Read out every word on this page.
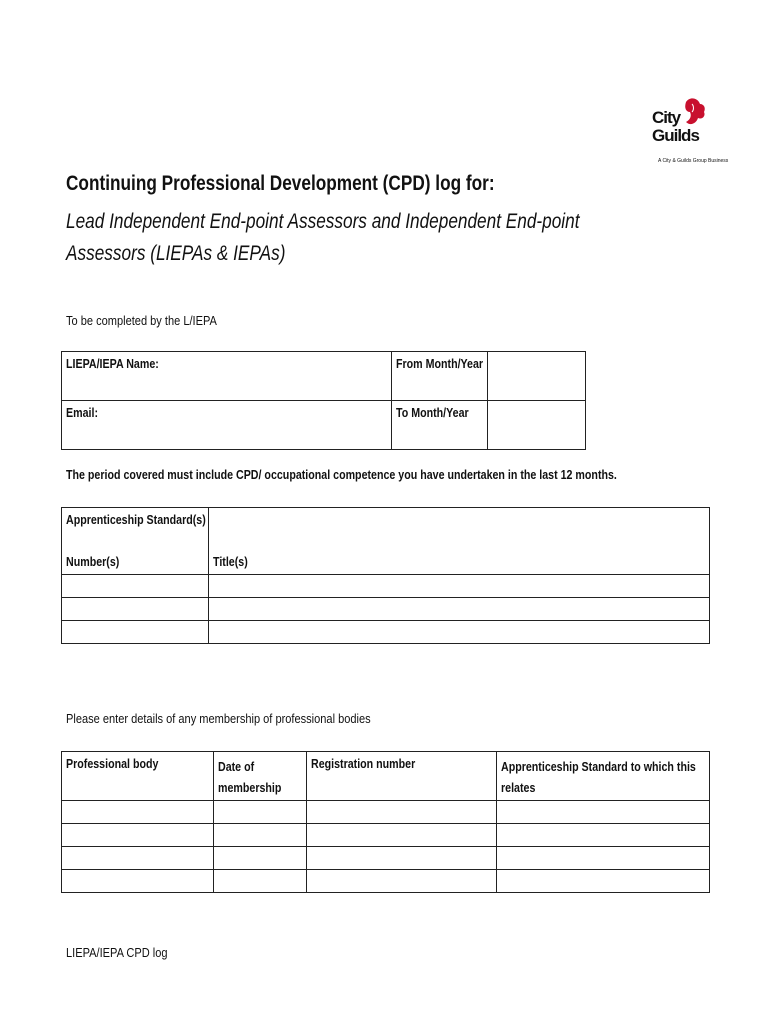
City
Guilds
A City & Guilds Group Business
Continuing Professional Development (CPD) log for:
Lead Independent End-point Assessors and Independent End-point Assessors (LIEPAs & IEPAs)
To be completed by the L/IEPA
LIEPA/IEPA Name:	From Month/Year	
Email:	To Month/Year	
The period covered must include CPD/ occupational competence you have undertaken in the last 12 months.
Apprenticeship Standard(s)
Number(s)	Title(s)

Please enter details of any membership of professional bodies
Professional body	Date of membership	Registration number	Apprenticeship Standard to which this relates

LIEPA/IEPA CPD log
